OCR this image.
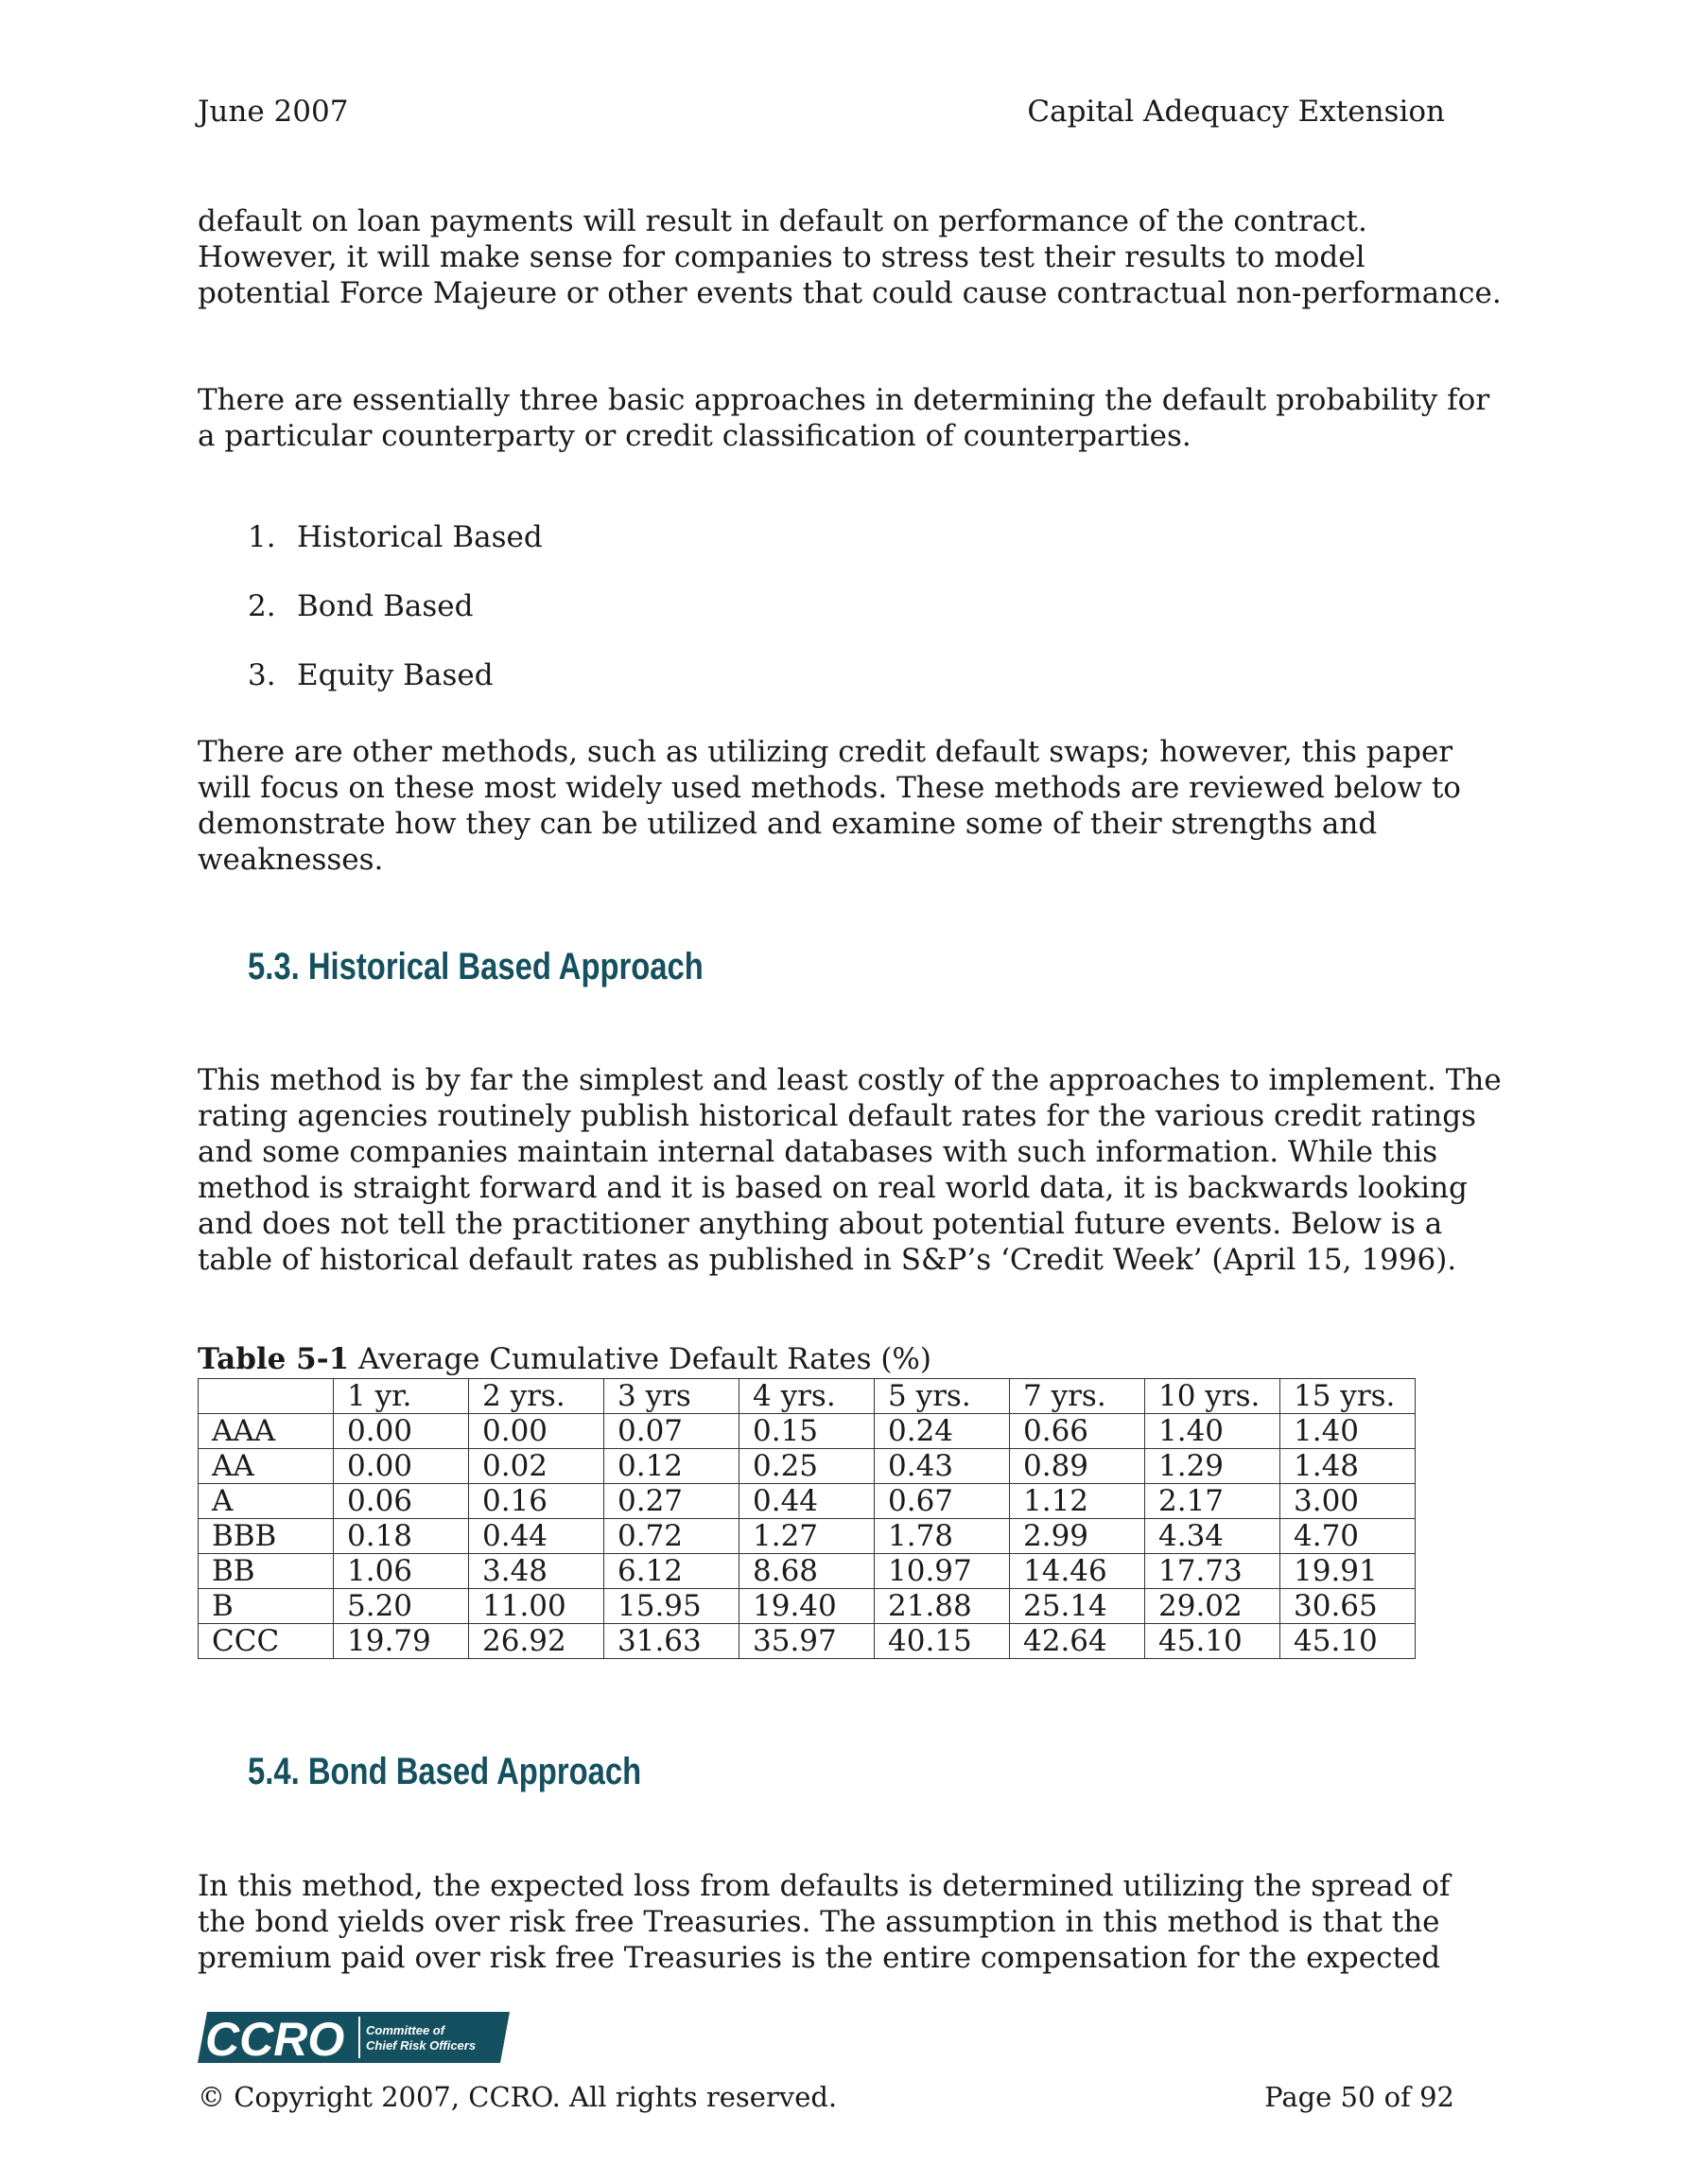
June 2007	Capital Adequacy Extension

default on loan payments will result in default on performance of the contract. However, it will make sense for companies to stress test their results to model potential Force Majeure or other events that could cause contractual non-performance.

There are essentially three basic approaches in determining the default probability for a particular counterparty or credit classification of counterparties.

1. Historical Based
2. Bond Based
3. Equity Based

There are other methods, such as utilizing credit default swaps; however, this paper will focus on these most widely used methods. These methods are reviewed below to demonstrate how they can be utilized and examine some of their strengths and weaknesses.

5.3. Historical Based Approach

This method is by far the simplest and least costly of the approaches to implement. The rating agencies routinely publish historical default rates for the various credit ratings and some companies maintain internal databases with such information. While this method is straight forward and it is based on real world data, it is backwards looking and does not tell the practitioner anything about potential future events. Below is a table of historical default rates as published in S&P’s ‘Credit Week’ (April 15, 1996).

Table 5-1 Average Cumulative Default Rates (%)
	1 yr.	2 yrs.	3 yrs	4 yrs.	5 yrs.	7 yrs.	10 yrs.	15 yrs.
AAA	0.00	0.00	0.07	0.15	0.24	0.66	1.40	1.40
AA	0.00	0.02	0.12	0.25	0.43	0.89	1.29	1.48
A	0.06	0.16	0.27	0.44	0.67	1.12	2.17	3.00
BBB	0.18	0.44	0.72	1.27	1.78	2.99	4.34	4.70
BB	1.06	3.48	6.12	8.68	10.97	14.46	17.73	19.91
B	5.20	11.00	15.95	19.40	21.88	25.14	29.02	30.65
CCC	19.79	26.92	31.63	35.97	40.15	42.64	45.10	45.10
5.4. Bond Based Approach

In this method, the expected loss from defaults is determined utilizing the spread of the bond yields over risk free Treasuries. The assumption in this method is that the premium paid over risk free Treasuries is the entire compensation for the expected

CCRO Committee of
Chief Risk Officers
© Copyright 2007, CCRO. All rights reserved.	Page 50 of 92
